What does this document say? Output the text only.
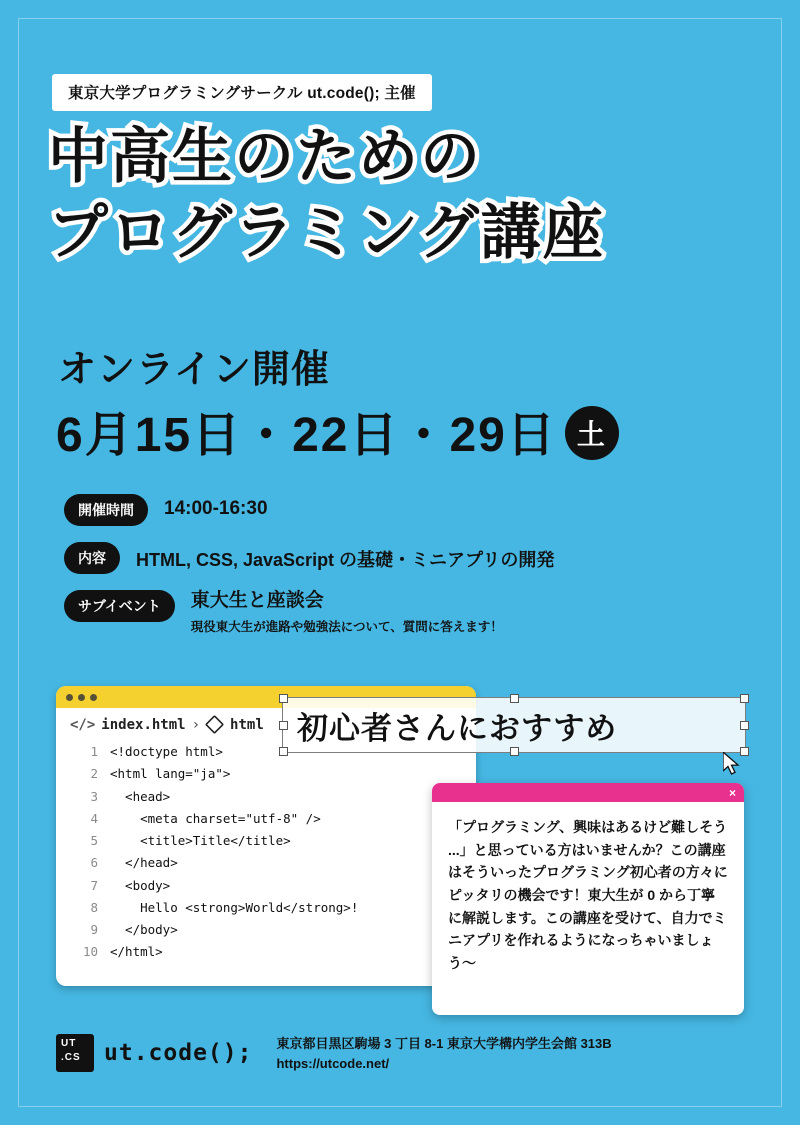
東京大学プログラミングサークル ut.code(); 主催
中高生のための
プログラミング講座
オンライン開催
6月15日・22日・29日 土
開催時間	14:00-16:30
内容	HTML, CSS, JavaScript の基礎・ミニアプリの開発
サブイベント	東大生と座談会
現役東大生が進路や勉強法について、質問に答えます！
</> index.html › html
1 <!doctype html>
2 <html lang="ja">
3 <head>
4 <meta charset="utf-8" />
5 <title>Title</title>
6 </head>
7 <body>
8 Hello <strong>World</strong>!
9 </body>
10 </html>
初心者さんにおすすめ
×
「プログラミング、興味はあるけど難しそう ...」と思っている方はいませんか？この講座はそういったプログラミング初心者の方々にピッタリの機会です！東大生が 0 から丁寧に解説します。この講座を受けて、自力でミニアプリを作れるようになっちゃいましょう〜
UT
.CS ut.code(); 東京都目黒区駒場 3 丁目 8-1 東京大学構内学生会館 313B
https://utcode.net/
